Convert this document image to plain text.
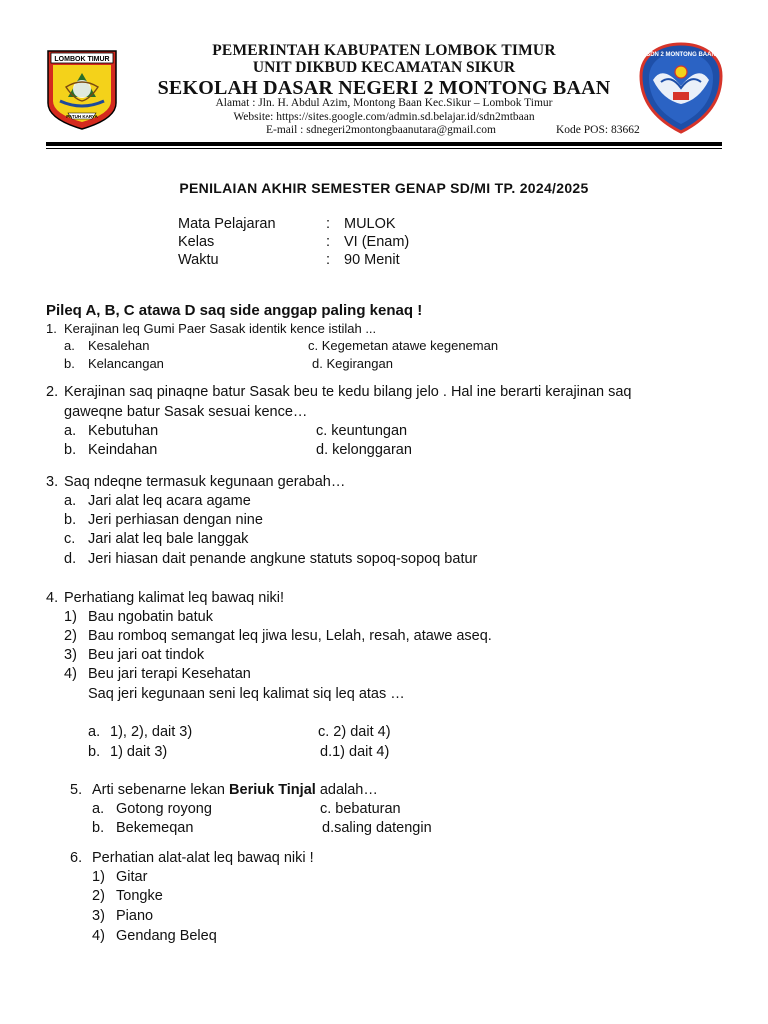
LOMBOK TIMUR
PATUH KARYA
SDN 2 MONTONG BAAN
PEMERINTAH KABUPATEN LOMBOK TIMUR
UNIT DIKBUD KECAMATAN SIKUR
SEKOLAH DASAR NEGERI 2 MONTONG BAAN
Alamat : Jln. H. Abdul Azim, Montong Baan Kec.Sikur – Lombok Timur
Website: https://sites.google.com/admin.sd.belajar.id/sdn2mtbaan
E-mail : sdnegeri2montongbaanutara@gmail.com	Kode POS: 83662
PENILAIAN AKHIR SEMESTER GENAP SD/MI TP. 2024/2025
Mata Pelajaran	: MULOK
Kelas	: VI (Enam)
Waktu	: 90 Menit
Pileq A, B, C atawa D saq side anggap paling kenaq !
1. Kerajinan leq Gumi Paer Sasak identik kence istilah ...
a. Kesalehan	c. Kegemetan atawe kegeneman
b. Kelancangan	d. Kegirangan
2. Kerajinan saq pinaqne batur Sasak beu te kedu bilang jelo . Hal ine berarti kerajinan saq
gaweqne batur Sasak sesuai kence…
a. Kebutuhan	c. keuntungan
b. Keindahan	d. kelonggaran
3. Saq ndeqne termasuk kegunaan gerabah…
a. Jari alat leq acara agame
b. Jeri perhiasan dengan nine
c. Jari alat leq bale langgak
d. Jeri hiasan dait penande angkune statuts sopoq-sopoq batur
4. Perhatiang kalimat leq bawaq niki!
1) Bau ngobatin batuk
2) Bau romboq semangat leq jiwa lesu, Lelah, resah, atawe aseq.
3) Beu jari oat tindok
4) Beu jari terapi Kesehatan
Saq jeri kegunaan seni leq kalimat siq leq atas …
a. 1), 2), dait 3)	c. 2) dait 4)
b. 1) dait 3)	d.1) dait 4)
5. Arti sebenarne lekan Beriuk Tinjal adalah…
a. Gotong royong	c. bebaturan
b. Bekemeqan	d.saling datengin
6. Perhatian alat-alat leq bawaq niki !
1) Gitar
2) Tongke
3) Piano
4) Gendang Beleq
